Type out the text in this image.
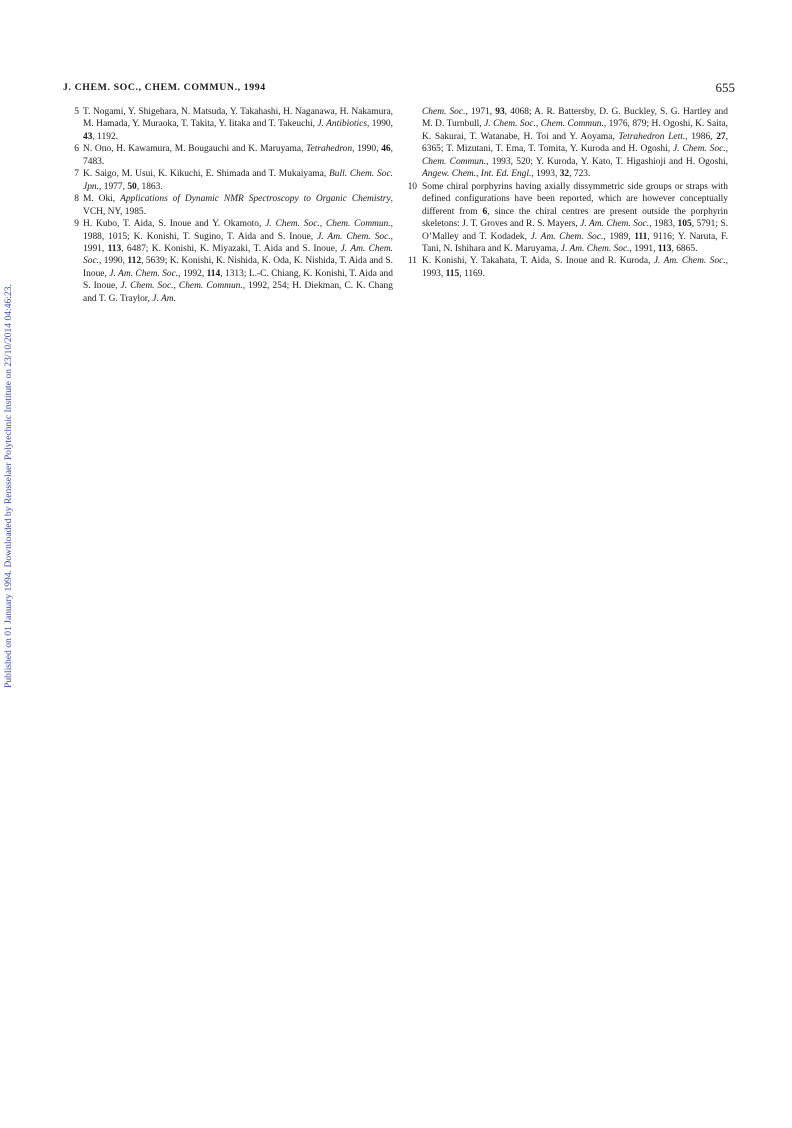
Published on 01 January 1994. Downloaded by Rensselaer Polytechnic Institute on 23/10/2014 04:46:23.
J. CHEM. SOC., CHEM. COMMUN., 1994	655

5 T. Nogami, Y. Shigehara, N. Matsuda, Y. Takahashi, H. Naganawa, H. Nakamura, M. Hamada, Y. Muraoka, T. Takita, Y. Iitaka and T. Takeuchi, J. Antibiotics, 1990, 43, 1192.

6 N. Ono, H. Kawamura, M. Bougauchi and K. Maruyama, Tetrahedron, 1990, 46, 7483.

7 K. Saigo, M. Usui, K. Kikuchi, E. Shimada and T. Mukaiyama, Bull. Chem. Soc. Jpn., 1977, 50, 1863.

8 M. Oki, Applications of Dynamic NMR Spectroscopy to Organic Chemistry, VCH, NY, 1985.

9 H. Kubo, T. Aida, S. Inoue and Y. Okamoto, J. Chem. Soc., Chem. Commun., 1988, 1015; K. Konishi, T. Sugino, T. Aida and S. Inoue, J. Am. Chem. Soc., 1991, 113, 6487; K. Konishi, K. Miyazaki, T. Aida and S. Inoue, J. Am. Chem. Soc., 1990, 112, 5639; K. Konishi, K. Nishida, K. Oda, K. Nishida, T. Aida and S. Inoue, J. Am. Chem. Soc., 1992, 114, 1313; L.-C. Chiang, K. Konishi, T. Aida and S. Inoue, J. Chem. Soc., Chem. Commun., 1992, 254; H. Diekman, C. K. Chang and T. G. Traylor, J. Am.

Chem. Soc., 1971, 93, 4068; A. R. Battersby, D. G. Buckley, S. G. Hartley and M. D. Turnbull, J. Chem. Soc., Chem. Commun., 1976, 879; H. Ogoshi, K. Saita, K. Sakurai, T. Watanabe, H. Toi and Y. Aoyama, Tetrahedron Lett., 1986, 27, 6365; T. Mizutani, T. Ema, T. Tomita, Y. Kuroda and H. Ogoshi, J. Chem. Soc., Chem. Commun., 1993, 520; Y. Kuroda, Y. Kato, T. Higashioji and H. Ogoshi, Angew. Chem., Int. Ed. Engl., 1993, 32, 723.

10 Some chiral porphyrins having axially dissymmetric side groups or straps with defined configurations have been reported, which are however conceptually different from 6, since the chiral centres are present outside the porphyrin skeletons: J. T. Groves and R. S. Mayers, J. Am. Chem. Soc., 1983, 105, 5791; S. O’Malley and T. Kodadek, J. Am. Chem. Soc., 1989, 111, 9116; Y. Naruta, F. Tani, N. Ishihara and K. Maruyama, J. Am. Chem. Soc., 1991, 113, 6865.

11 K. Konishi, Y. Takahata, T. Aida, S. Inoue and R. Kuroda, J. Am. Chem. Soc., 1993, 115, 1169.
